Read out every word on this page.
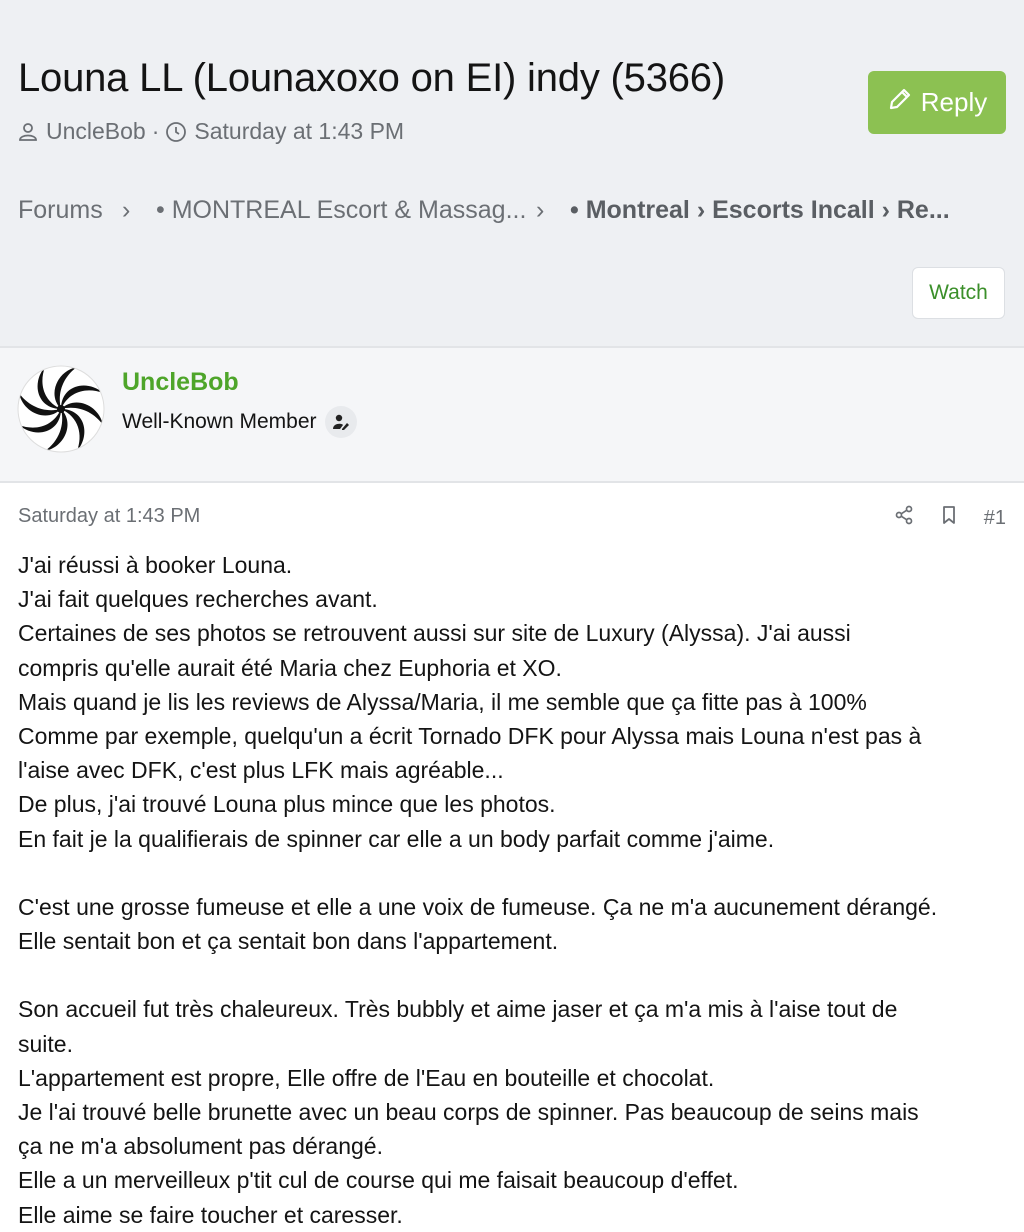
Louna LL (Lounaxoxo on EI) indy (5366)
UncleBob · Saturday at 1:43 PM
Reply
Forums › • MONTREAL Escort & Massag... › • Montreal › Escorts Incall › Re...
Watch
UncleBob
Well-Known Member
Saturday at 1:43 PM	#1
J'ai réussi à booker Louna.
J'ai fait quelques recherches avant.
Certaines de ses photos se retrouvent aussi sur site de Luxury (Alyssa). J'ai aussi
compris qu'elle aurait été Maria chez Euphoria et XO.
Mais quand je lis les reviews de Alyssa/Maria, il me semble que ça fitte pas à 100%
Comme par exemple, quelqu'un a écrit Tornado DFK pour Alyssa mais Louna n'est pas à
l'aise avec DFK, c'est plus LFK mais agréable...
De plus, j'ai trouvé Louna plus mince que les photos.
En fait je la qualifierais de spinner car elle a un body parfait comme j'aime.
C'est une grosse fumeuse et elle a une voix de fumeuse. Ça ne m'a aucunement dérangé.
Elle sentait bon et ça sentait bon dans l'appartement.
Son accueil fut très chaleureux. Très bubbly et aime jaser et ça m'a mis à l'aise tout de
suite.
L'appartement est propre, Elle offre de l'Eau en bouteille et chocolat.
Je l'ai trouvé belle brunette avec un beau corps de spinner. Pas beaucoup de seins mais
ça ne m'a absolument pas dérangé.
Elle a un merveilleux p'tit cul de course qui me faisait beaucoup d'effet.
Elle aime se faire toucher et caresser.
